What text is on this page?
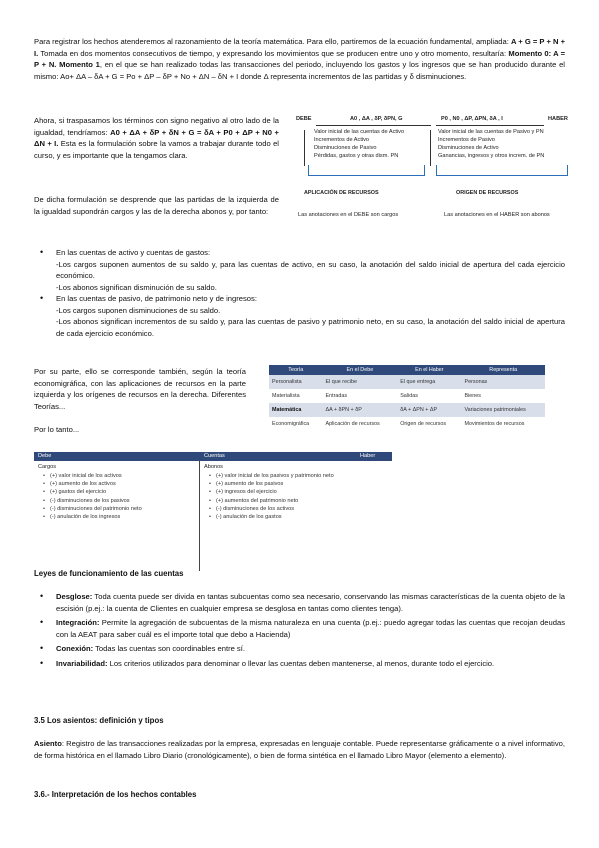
Para registrar los hechos atenderemos al razonamiento de la teoría matemática. Para ello, partiremos de la ecuación fundamental, ampliada: A + G = P + N + I. Tomada en dos momentos consecutivos de tiempo, y expresando los movimientos que se producen entre uno y otro momento, resultaría: Momento 0: A = P + N. Momento 1, en el que se han realizado todas las transacciones del periodo, incluyendo los gastos y los ingresos que se han producido durante el mismo: Ao+ ΔA – δA + G = Po + ΔP – δP + No + ΔN – δN + I donde Δ representa incrementos de las partidas y δ disminuciones.

Ahora, si traspasamos los términos con signo negativo al otro lado de la igualdad, tendríamos: A0 + ΔA + δP + δN + G = δA + P0 + ΔP + N0 + ΔN + I. Esta es la formulación sobre la vamos a trabajar durante todo el curso, y es importante que la tengamos clara.

De dicha formulación se desprende que las partidas de la izquierda de la igualdad supondrán cargos y las de la derecha abonos y, por tanto:

• En las cuentas de activo y cuentas de gastos:
-Los cargos suponen aumentos de su saldo y, para las cuentas de activo, en su caso, la anotación del saldo inicial de apertura del cada ejercicio económico.
-Los abonos significan disminución de su saldo.
• En las cuentas de pasivo, de patrimonio neto y de ingresos:
-Los cargos suponen disminuciones de su saldo.
-Los abonos significan incrementos de su saldo y, para las cuentas de pasivo y patrimonio neto, en su caso, la anotación del saldo inicial de apertura de cada ejercicio económico.

Por su parte, ello se corresponde también, según la teoría economigráfica, con las aplicaciones de recursos en la parte izquierda y los orígenes de recursos en la derecha. Diferentes Teorías...

Por lo tanto...

Leyes de funcionamiento de las cuentas

• Desglose: Toda cuenta puede ser divida en tantas subcuentas como sea necesario, conservando las mismas características de la cuenta objeto de la escisión (p.ej.: la cuenta de Clientes en cualquier empresa se desglosa en tantas como clientes tenga).
• Integración: Permite la agregación de subcuentas de la misma naturaleza en una cuenta (p.ej.: puedo agregar todas las cuentas que recojan deudas con la AEAT para saber cuál es el importe total que debo a Hacienda)
• Conexión: Todas las cuentas son coordinables entre sí.
• Invariabilidad: Los criterios utilizados para denominar o llevar las cuentas deben mantenerse, al menos, durante todo el ejercicio.

3.5 Los asientos: definición y tipos

Asiento: Registro de las transacciones realizadas por la empresa, expresadas en lenguaje contable. Puede representarse gráficamente o a nivel informativo, de forma histórica en el llamado Libro Diario (cronológicamente), o bien de forma sintética en el llamado Libro Mayor (elemento a elemento).

3.6.- Interpretación de los hechos contables

DEBE	A0 , ΔA , δP, δPN, G	P0 , N0 , ΔP, ΔPN, δA , I	HABER
Valor inicial de las cuentas de Activo
Incrementos de Activo
Disminuciones de Pasivo
Pérdidas, gastos y otras dism. PN
Valor inicial de las cuentas de Pasivo y PN
Incrementos de Pasivo
Disminuciones de Activo
Ganancias, ingresos y otros increm. de PN
APLICACIÓN DE RECURSOS	ORIGEN DE RECURSOS
Las anotaciones en el DEBE son cargos	Las anotaciones en el HABER son abonos
Teoría	En el Debe	En el Haber	Representa
Personalista	El que recibe	El que entrega	Personas
Materialista	Entradas	Salidas	Bienes
Matemática	ΔA + δPN + δP	δA + ΔPN + ΔP	Variaciones patrimoniales
Economigráfica	Aplicación de recursos	Origen de recursos	Movimientos de recursos
Debe	Cuentas	Haber
Cargos
• (+) valor inicial de los activos
• (+) aumento de los activos
• (+) gastos del ejercicio
• (-) disminuciones de los pasivos
• (-) disminuciones del patrimonio neto
• (-) anulación de los ingresos
Abonos
• (+) valor inicial de los pasivos y patrimonio neto
• (+) aumento de los pasivos
• (+) ingresos del ejercicio
• (+) aumentos del patrimonio neto
• (-) disminuciones de los activos
• (-) anulación de los gastos
